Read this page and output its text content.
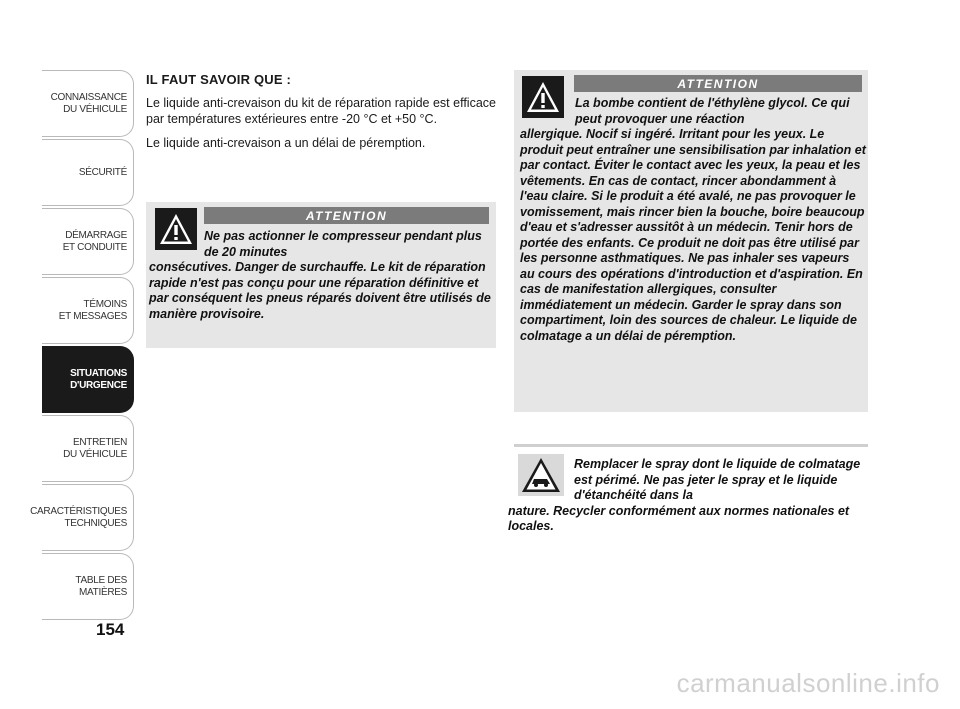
CONNAISSANCE
DU VÉHICULE
SÉCURITÉ
DÉMARRAGE
ET CONDUITE
TÉMOINS
ET MESSAGES
SITUATIONS
D'URGENCE
ENTRETIEN
DU VÉHICULE
CARACTÉRISTIQUES
TECHNIQUES
TABLE DES
MATIÈRES
154

IL FAUT SAVOIR QUE :

Le liquide anti-crevaison du kit de réparation rapide est efficace par températures extérieures entre -20 °C et +50 °C.

Le liquide anti-crevaison a un délai de péremption.

ATTENTION
Ne pas actionner le compresseur pendant plus de 20 minutes
consécutives. Danger de surchauffe. Le kit de réparation rapide n'est pas conçu pour une réparation définitive et par conséquent les pneus réparés doivent être utilisés de manière provisoire.
ATTENTION
La bombe contient de l'éthylène glycol. Ce qui peut provoquer une réaction
allergique. Nocif si ingéré. Irritant pour les yeux. Le produit peut entraîner une sensibilisation par inhalation et par contact. Éviter le contact avec les yeux, la peau et les vêtements. En cas de contact, rincer abondamment à l'eau claire. Si le produit a été avalé, ne pas provoquer le vomissement, mais rincer bien la bouche, boire beaucoup d'eau et s'adresser aussitôt à un médecin. Tenir hors de portée des enfants. Ce produit ne doit pas être utilisé par les personne asthmatiques. Ne pas inhaler ses vapeurs au cours des opérations d'introduction et d'aspiration. En cas de manifestation allergiques, consulter immédiatement un médecin. Garder le spray dans son compartiment, loin des sources de chaleur. Le liquide de colmatage a un délai de péremption.
Remplacer le spray dont le liquide de colmatage est périmé. Ne pas jeter le spray et le liquide d'étanchéité dans la
nature. Recycler conformément aux normes nationales et locales.
carmanualsonline.info
